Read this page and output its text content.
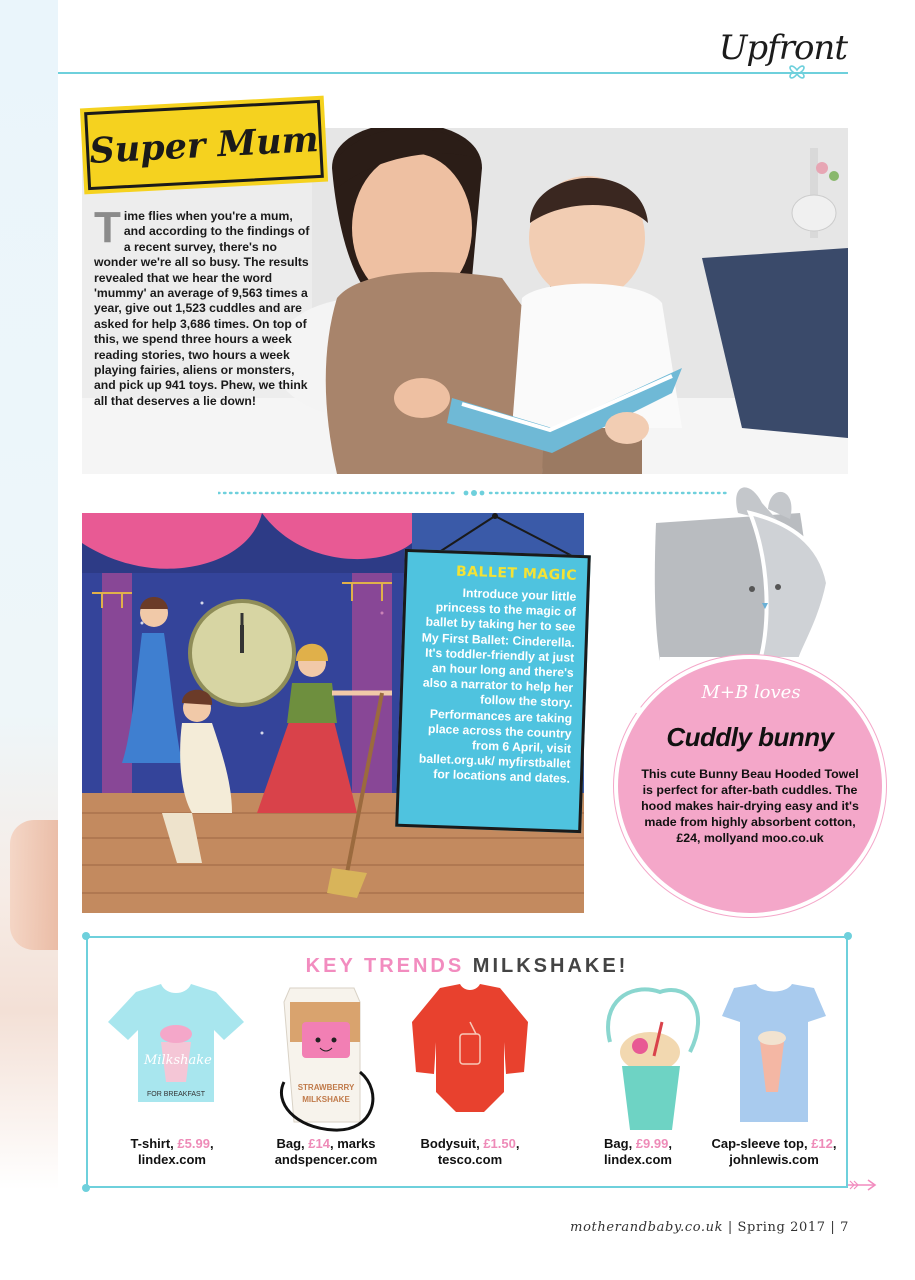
Upfront
Super Mum
Time flies when you're a mum, and according to the findings of a recent survey, there's no wonder we're all so busy. The results revealed that we hear the word 'mummy' an average of 9,563 times a year, give out 1,523 cuddles and are asked for help 3,686 times. On top of this, we spend three hours a week reading stories, two hours a week playing fairies, aliens or monsters, and pick up 941 toys. Phew, we think all that deserves a lie down!
BALLET MAGIC

Introduce your little princess to the magic of ballet by taking her to see My First Ballet: Cinderella. It's toddler-friendly at just an hour long and there's also a narrator to help her follow the story. Performances are taking place across the country from 6 April, visit ballet.org.uk/ myfirstballet for locations and dates.

M+B loves
Cuddly bunny
This cute Bunny Beau Hooded Towel is perfect for after-bath cuddles. The hood makes hair-drying easy and it's made from highly absorbent cotton, £24, mollyand moo.co.uk
KEY TRENDS MILKSHAKE!
Milkshake
FOR BREAKFAST
T-shirt, £5.99,
lindex.com
STRAWBERRY
MILKSHAKE
Bag, £14, marks
andspencer.com
Bodysuit, £1.50,
tesco.com
Bag, £9.99,
lindex.com
Cap-sleeve top, £12,
johnlewis.com
motherandbaby.co.uk | Spring 2017 | 7
